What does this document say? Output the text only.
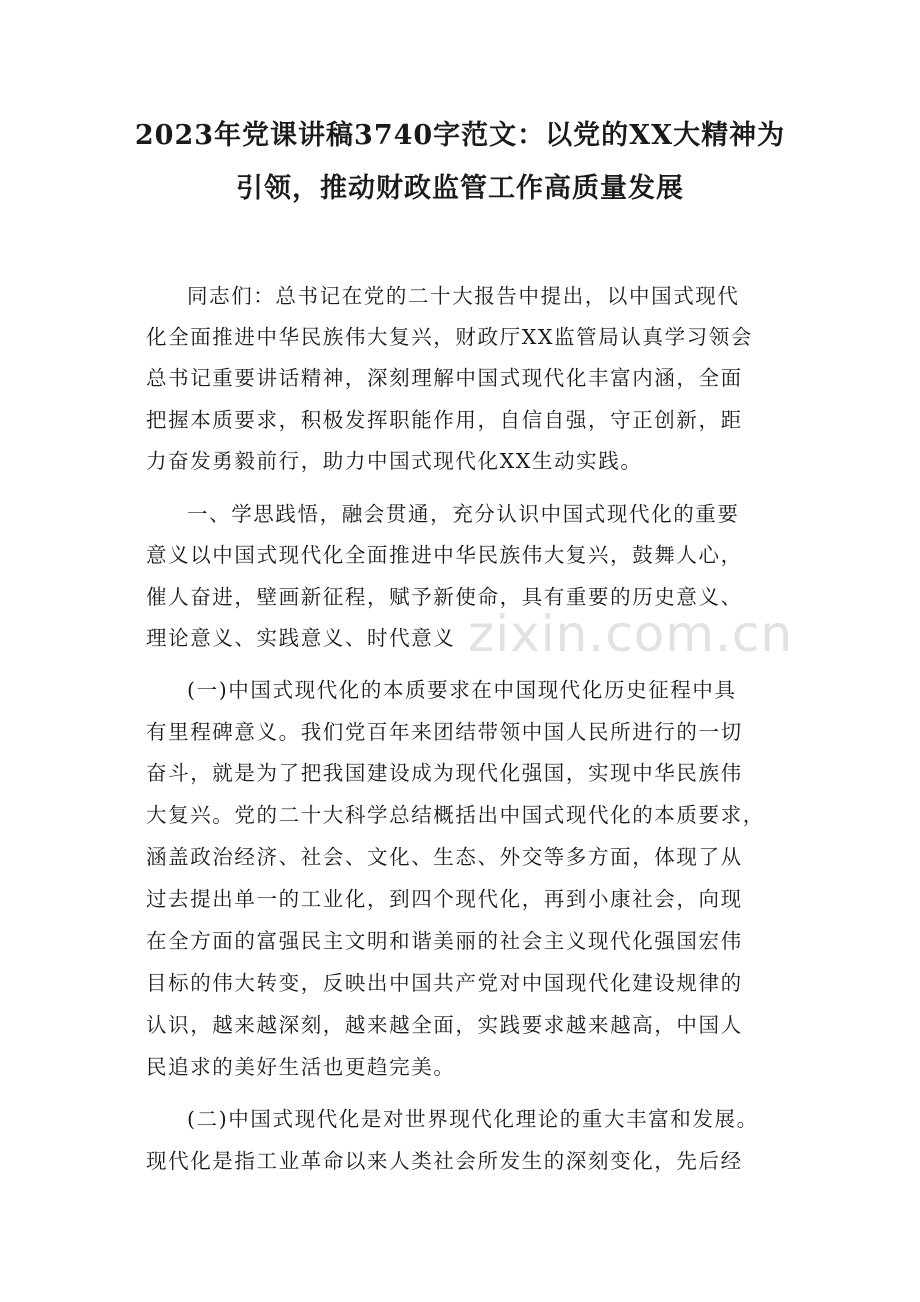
2023年党课讲稿3740字范文：以党的XX大精神为
引领，推动财政监管工作高质量发展
同志们：总书记在党的二十大报告中提出，以中国式现代
化全面推进中华民族伟大复兴，财政厅XX监管局认真学习领会
总书记重要讲话精神，深刻理解中国式现代化丰富内涵，全面
把握本质要求，积极发挥职能作用，自信自强，守正创新，距
力奋发勇毅前行，助力中国式现代化XX生动实践。
一、学思践悟，融会贯通，充分认识中国式现代化的重要
意义以中国式现代化全面推进中华民族伟大复兴，鼓舞人心，
催人奋进，壁画新征程，赋予新使命，具有重要的历史意义、
理论意义、实践意义、时代意义
(一)中国式现代化的本质要求在中国现代化历史征程中具
有里程碑意义。我们党百年来团结带领中国人民所进行的一切
奋斗，就是为了把我国建设成为现代化强国，实现中华民族伟
大复兴。党的二十大科学总结概括出中国式现代化的本质要求，
涵盖政治经济、社会、文化、生态、外交等多方面，体现了从
过去提出单一的工业化，到四个现代化，再到小康社会，向现
在全方面的富强民主文明和谐美丽的社会主义现代化强国宏伟
目标的伟大转变，反映出中国共产党对中国现代化建设规律的
认识，越来越深刻，越来越全面，实践要求越来越高，中国人
民追求的美好生活也更趋完美。
(二)中国式现代化是对世界现代化理论的重大丰富和发展。
现代化是指工业革命以来人类社会所发生的深刻变化，先后经
zixin.com.cn
